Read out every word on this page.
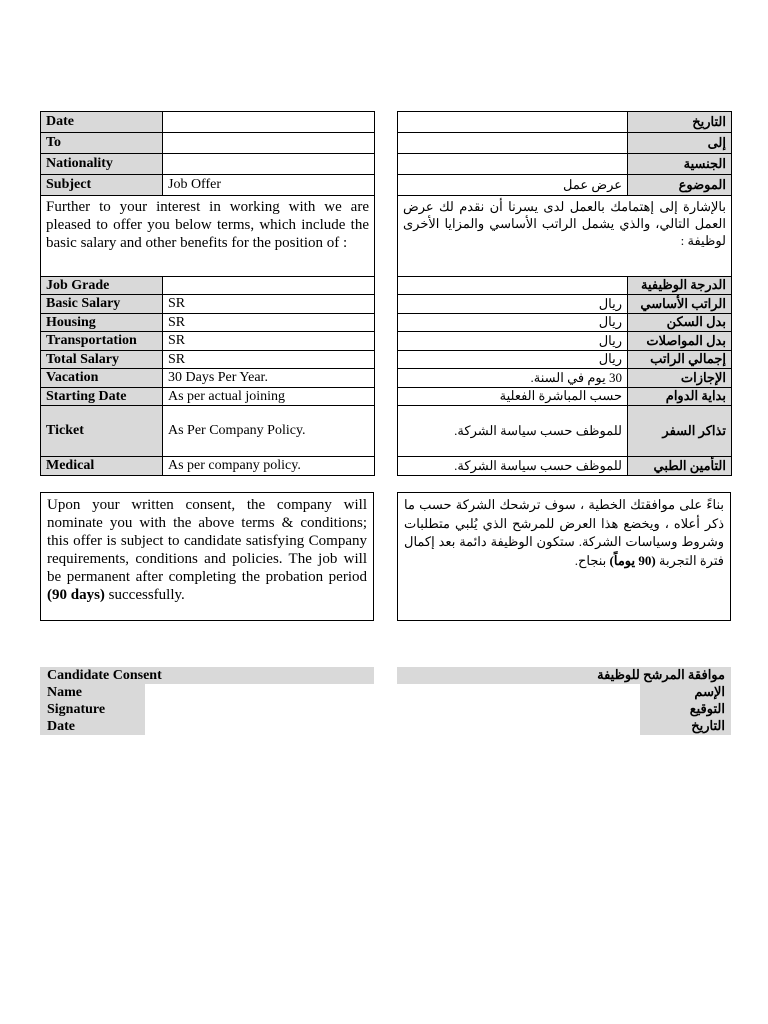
Date	
To	
Nationality	
Subject	Job Offer
Further to your interest in working with we are pleased to offer you below terms, which include the basic salary and other benefits for the position of :	
Job Grade	
Basic Salary	SR
Housing	SR
Transportation	SR
Total Salary	SR
Vacation	30 Days Per Year.
Starting Date	As per actual joining
Ticket	As Per Company Policy.
Medical	As per company policy.
	التاريخ
	إلى
	الجنسية
عرض عمل	الموضوع
بالإشارة إلى إهتمامك بالعمل لدى يسرنا أن نقدم لك عرض العمل التالي، والذي يشمل الراتب الأساسي والمزايا الأخرى لوظيفة :	
	الدرجة الوظيفية
ريال	الراتب الأساسي
ريال	بدل السكن
ريال	بدل المواصلات
ريال	إجمالي الراتب
30 يوم في السنة.	الإجازات
حسب المباشرة الفعلية	بداية الدوام
للموظف حسب سياسة الشركة.	تذاكر السفر
للموظف حسب سياسة الشركة.	التأمين الطبي
Upon your written consent, the company will nominate you with the above terms & conditions; this offer is subject to candidate satisfying Company requirements, conditions and policies. The job will be permanent after completing the probation period (90 days) successfully.
بناءً على موافقتك الخطية ، سوف ترشحك الشركة حسب ما ذكر أعلاه ، ويخضع هذا العرض للمرشح الذي يُلبي متطلبات وشروط وسياسات الشركة. ستكون الوظيفة دائمة بعد إكمال فترة التجربة (90 يوماً) بنجاح.
Candidate Consent
Name
Signature
Date
موافقة المرشح للوظيفة
الإسم
التوقيع
التاريخ
